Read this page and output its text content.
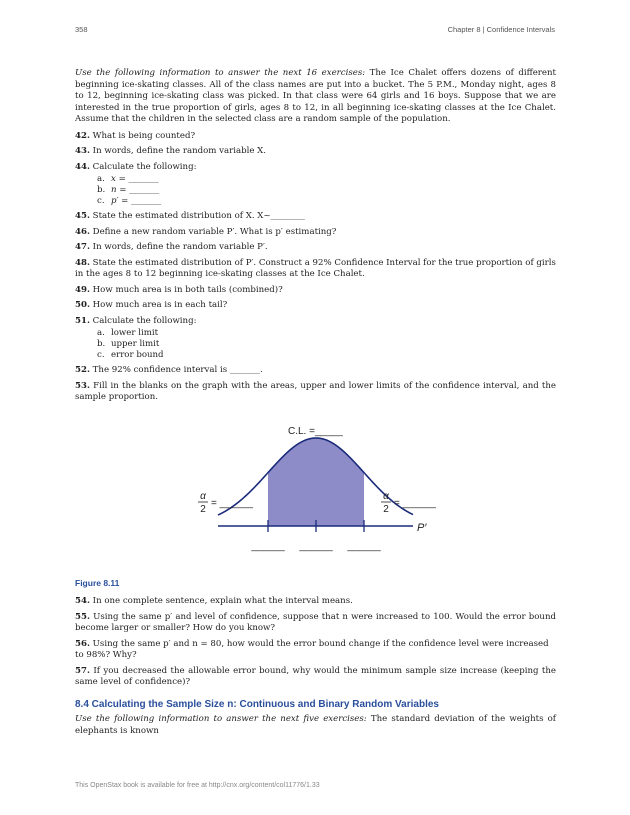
358	Chapter 8 | Confidence Intervals

Use the following information to answer the next 16 exercises: The Ice Chalet offers dozens of different beginning ice-skating classes. All of the class names are put into a bucket. The 5 P.M., Monday night, ages 8 to 12, beginning ice-skating class was picked. In that class were 64 girls and 16 boys. Suppose that we are interested in the true proportion of girls, ages 8 to 12, in all beginning ice-skating classes at the Ice Chalet. Assume that the children in the selected class are a random sample of the population.

42. What is being counted?
43. In words, define the random variable X.
44. Calculate the following:
a. x = _______
b. n = _______
c. p′ = _______
45. State the estimated distribution of X. X~________
46. Define a new random variable P′. What is p′ estimating?
47. In words, define the random variable P′.
48. State the estimated distribution of P′. Construct a 92% Confidence Interval for the true proportion of girls in the ages 8 to 12 beginning ice-skating classes at the Ice Chalet.
49. How much area is in both tails (combined)?
50. How much area is in each tail?
51. Calculate the following:
a. lower limit
b. upper limit
c. error bound
52. The 92% confidence interval is _______.
53. Fill in the blanks on the graph with the areas, upper and lower limits of the confidence interval, and the sample proportion.
C.L. =_____
α
2
= ______
α
2
= ______
P′
______ ______ ______
Figure 8.11
54. In one complete sentence, explain what the interval means.
55. Using the same p′ and level of confidence, suppose that n were increased to 100. Would the error bound become larger or smaller? How do you know?
56. Using the same p′ and n = 80, how would the error bound change if the confidence level were increased to 98%? Why?
57. If you decreased the allowable error bound, why would the minimum sample size increase (keeping the same level of confidence)?
8.4 Calculating the Sample Size n: Continuous and Binary Random Variables

Use the following information to answer the next five exercises: The standard deviation of the weights of elephants is known

This OpenStax book is available for free at http://cnx.org/content/col11776/1.33
